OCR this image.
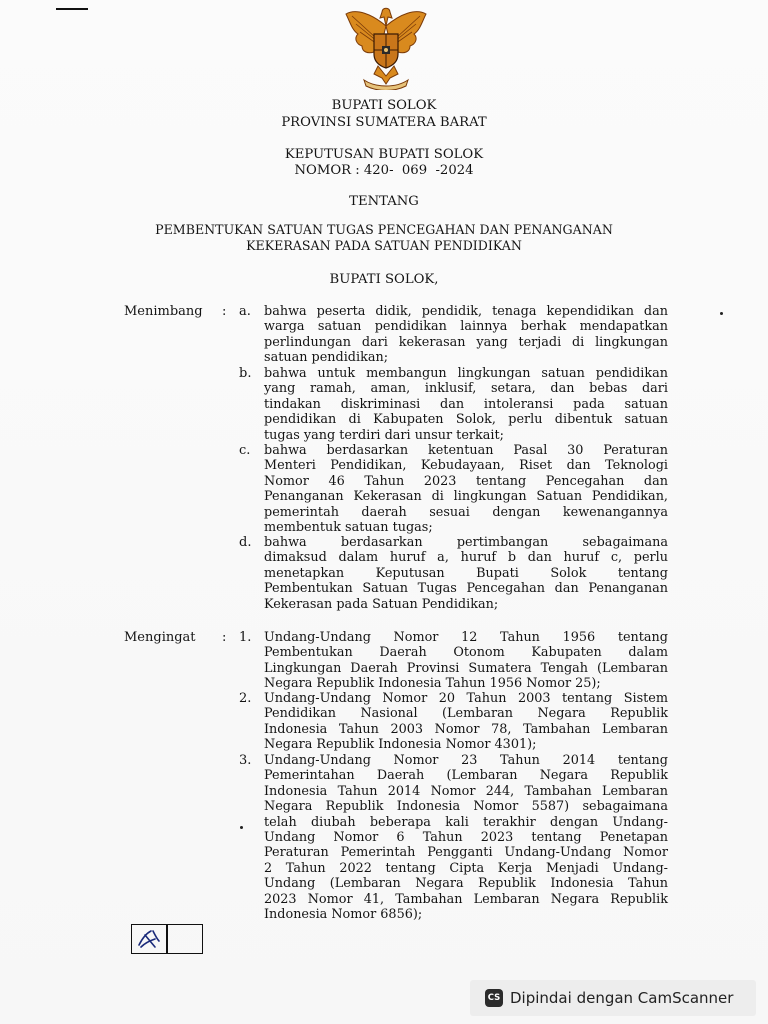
BUPATI SOLOK
PROVINSI SUMATERA BARAT
KEPUTUSAN BUPATI SOLOK
NOMOR : 420-  069  -2024
TENTANG
PEMBENTUKAN SATUAN TUGAS PENCEGAHAN DAN PENANGANAN
KEKERASAN PADA SATUAN PENDIDIKAN
BUPATI SOLOK,
Menimbang : a. bahwa peserta didik, pendidik, tenaga kependidikan dan
warga satuan pendidikan lainnya berhak mendapatkan
perlindungan dari kekerasan yang terjadi di lingkungan
satuan pendidikan;
b. bahwa untuk membangun lingkungan satuan pendidikan
yang ramah, aman, inklusif, setara, dan bebas dari
tindakan diskriminasi dan intoleransi pada satuan
pendidikan di Kabupaten Solok, perlu dibentuk satuan
tugas yang terdiri dari unsur terkait;
c. bahwa berdasarkan ketentuan Pasal 30 Peraturan
Menteri Pendidikan, Kebudayaan, Riset dan Teknologi
Nomor 46 Tahun 2023 tentang Pencegahan dan
Penanganan Kekerasan di lingkungan Satuan Pendidikan,
pemerintah daerah sesuai dengan kewenangannya
membentuk satuan tugas;
d. bahwa berdasarkan pertimbangan sebagaimana
dimaksud dalam huruf a, huruf b dan huruf c, perlu
menetapkan Keputusan Bupati Solok tentang
Pembentukan Satuan Tugas Pencegahan dan Penanganan
Kekerasan pada Satuan Pendidikan;
Mengingat : 1. Undang-Undang Nomor 12 Tahun 1956 tentang
Pembentukan Daerah Otonom Kabupaten dalam
Lingkungan Daerah Provinsi Sumatera Tengah (Lembaran
Negara Republik Indonesia Tahun 1956 Nomor 25);
2. Undang-Undang Nomor 20 Tahun 2003 tentang Sistem
Pendidikan Nasional (Lembaran Negara Republik
Indonesia Tahun 2003 Nomor 78, Tambahan Lembaran
Negara Republik Indonesia Nomor 4301);
3. Undang-Undang Nomor 23 Tahun 2014 tentang
Pemerintahan Daerah (Lembaran Negara Republik
Indonesia Tahun 2014 Nomor 244, Tambahan Lembaran
Negara Republik Indonesia Nomor 5587) sebagaimana
telah diubah beberapa kali terakhir dengan Undang-
Undang Nomor 6 Tahun 2023 tentang Penetapan
Peraturan Pemerintah Pengganti Undang-Undang Nomor
2 Tahun 2022 tentang Cipta Kerja Menjadi Undang-
Undang (Lembaran Negara Republik Indonesia Tahun
2023 Nomor 41, Tambahan Lembaran Negara Republik
Indonesia Nomor 6856);
CS Dipindai dengan CamScanner
